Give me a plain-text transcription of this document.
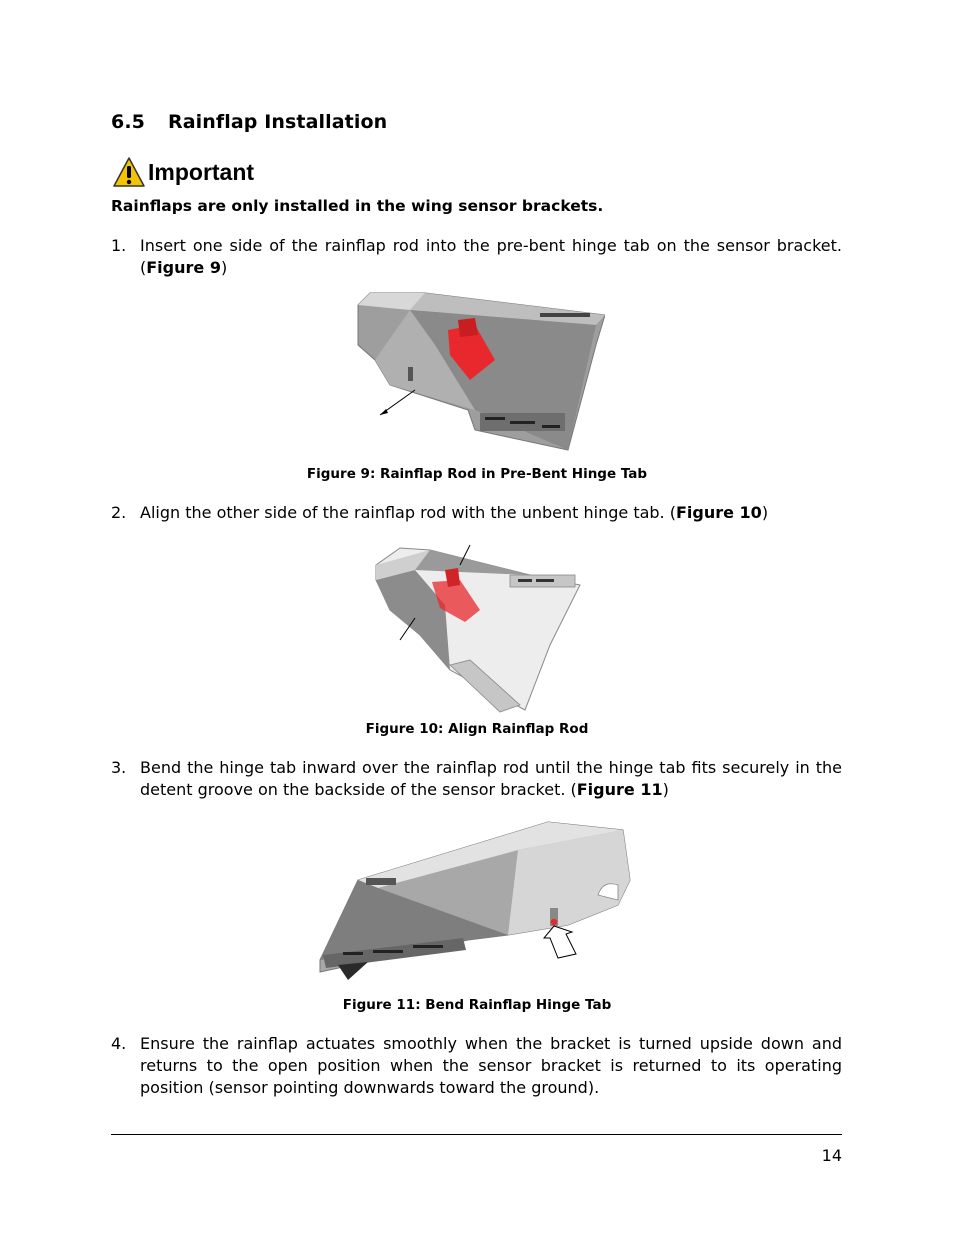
6.5 Rainflap Installation
Important
Rainflaps are only installed in the wing sensor brackets.
1. Insert one side of the rainflap rod into the pre-bent hinge tab on the sensor bracket. (Figure 9)
Figure 9: Rainflap Rod in Pre-Bent Hinge Tab
2. Align the other side of the rainflap rod with the unbent hinge tab. (Figure 10)
Figure 10: Align Rainflap Rod
3. Bend the hinge tab inward over the rainflap rod until the hinge tab fits securely in the detent groove on the backside of the sensor bracket. (Figure 11)
Figure 11: Bend Rainflap Hinge Tab
4. Ensure the rainflap actuates smoothly when the bracket is turned upside down and returns to the open position when the sensor bracket is returned to its operating position (sensor pointing downwards toward the ground).
14
